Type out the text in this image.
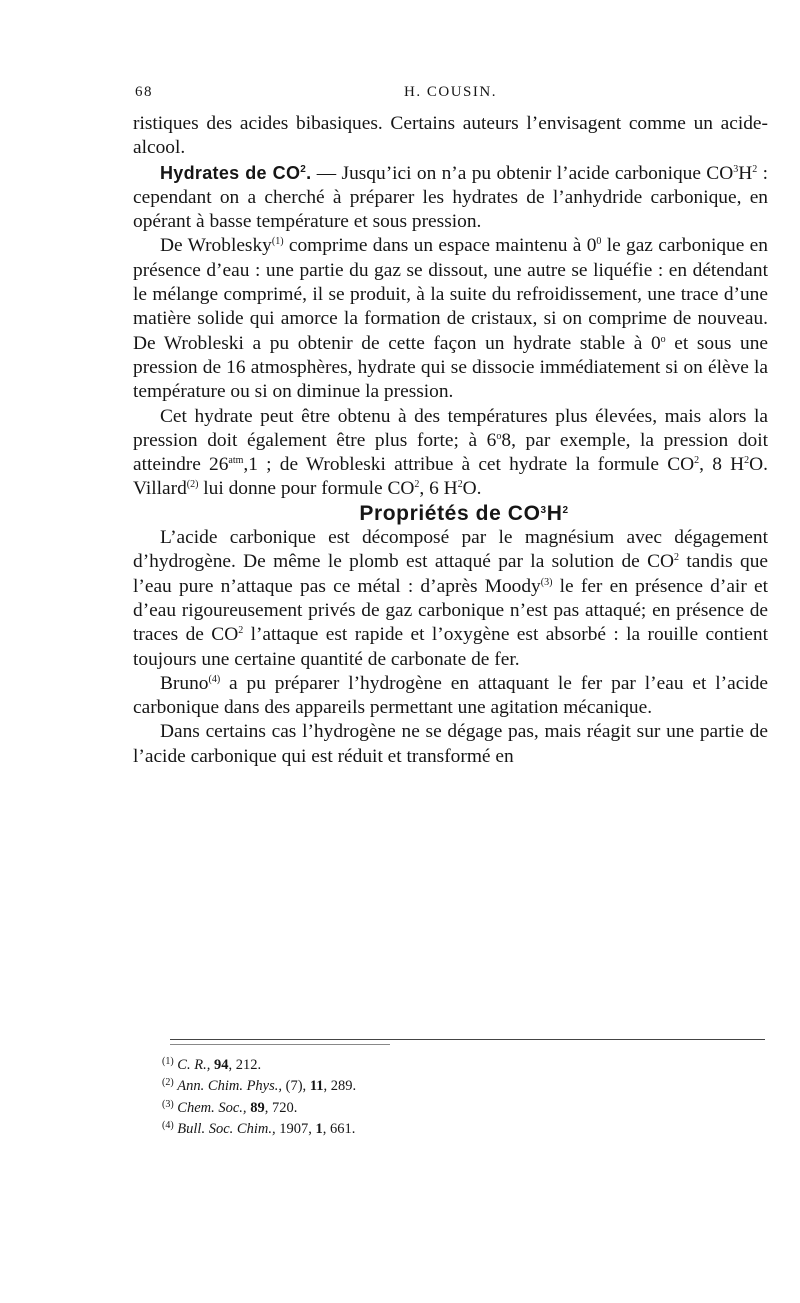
68	H. COUSIN.

ristiques des acides bibasiques. Certains auteurs l’envisagent comme un acide-alcool.

Hydrates de $CO^2$. — Jusqu’ici on n’a pu obtenir l’acide carbonique $CO^3H^2$ : cependant on a cherché à préparer les hydrates de l’anhydride carbonique, en opérant à basse température et sous pression.

De Wroblesky$^{(1)}$ comprime dans un espace maintenu à $0^0$ le gaz carbonique en présence d’eau : une partie du gaz se dissout, une autre se liquéfie : en détendant le mélange comprimé, il se produit, à la suite du refroidissement, une trace d’une matière solide qui amorce la formation de cristaux, si on comprime de nouveau. De Wrobleski a pu obtenir de cette façon un hydrate stable à 0$^o$ et sous une pression de 16 atmosphères, hydrate qui se dissocie immédiatement si on élève la température ou si on diminue la pression.

Cet hydrate peut être obtenu à des températures plus élevées, mais alors la pression doit également être plus forte; à 6$^o$8, par exemple, la pression doit atteindre $26^{atm},1$ ; de Wrobleski attribue à cet hydrate la formule $CO^2$, 8 $H^2O$. Villard$^{(2)}$ lui donne pour formule $CO^2$, 6 $H^2O$.

Propriétés de $CO^3H^2$

L’acide carbonique est décomposé par le magnésium avec dégagement d’hydrogène. De même le plomb est attaqué par la solution de $CO^2$ tandis que l’eau pure n’attaque pas ce métal : d’après Moody$^{(3)}$ le fer en présence d’air et d’eau rigoureusement privés de gaz carbonique n’est pas attaqué; en présence de traces de $CO^2$ l’attaque est rapide et l’oxygène est absorbé : la rouille contient toujours une certaine quantité de carbonate de fer.

Bruno$^{(4)}$ a pu préparer l’hydrogène en attaquant le fer par l’eau et l’acide carbonique dans des appareils permettant une agitation mécanique.

Dans certains cas l’hydrogène ne se dégage pas, mais réagit sur une partie de l’acide carbonique qui est réduit et transformé en

$^{(1)}$ C. R., 94, 212.
$^{(2)}$ Ann. Chim. Phys., (7), 11, 289.
$^{(3)}$ Chem. Soc., 89, 720.
$^{(4)}$ Bull. Soc. Chim., 1907, 1, 661.
